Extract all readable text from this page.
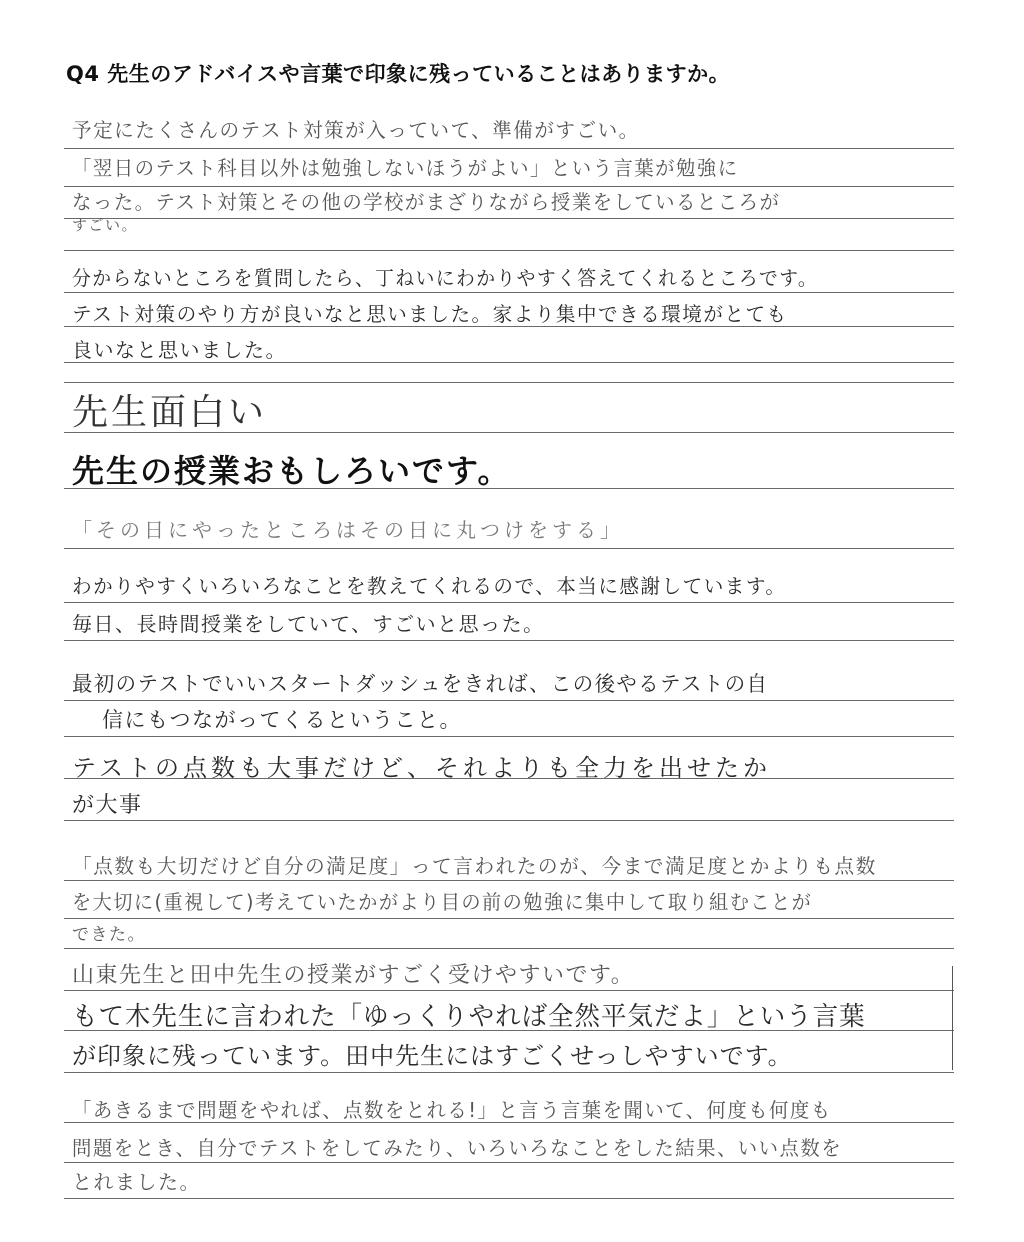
Q4 先生のアドバイスや言葉で印象に残っていることはありますか。
予定にたくさんのテスト対策が入っていて、準備がすごい。
「翌日のテスト科目以外は勉強しないほうがよい」という言葉が勉強に
なった。テスト対策とその他の学校がまざりながら授業をしているところが
すごい。
分からないところを質問したら、丁ねいにわかりやすく答えてくれるところです。
テスト対策のやり方が良いなと思いました。家より集中できる環境がとても
良いなと思いました。
先生面白い
先生の授業おもしろいです。
「その日にやったところはその日に丸つけをする」
わかりやすくいろいろなことを教えてくれるので、本当に感謝しています。
毎日、長時間授業をしていて、すごいと思った。
最初のテストでいいスタートダッシュをきれば、この後やるテストの自
信にもつながってくるということ。
テストの点数も大事だけど、それよりも全力を出せたか
が大事
「点数も大切だけど自分の満足度」って言われたのが、今まで満足度とかよりも点数
を大切に(重視して)考えていたかがより目の前の勉強に集中して取り組むことが
できた。
山東先生と田中先生の授業がすごく受けやすいです。
もて木先生に言われた「ゆっくりやれば全然平気だよ」という言葉
が印象に残っています。田中先生にはすごくせっしやすいです。
「あきるまで問題をやれば、点数をとれる!」と言う言葉を聞いて、何度も何度も
問題をとき、自分でテストをしてみたり、いろいろなことをした結果、いい点数を
とれました。
